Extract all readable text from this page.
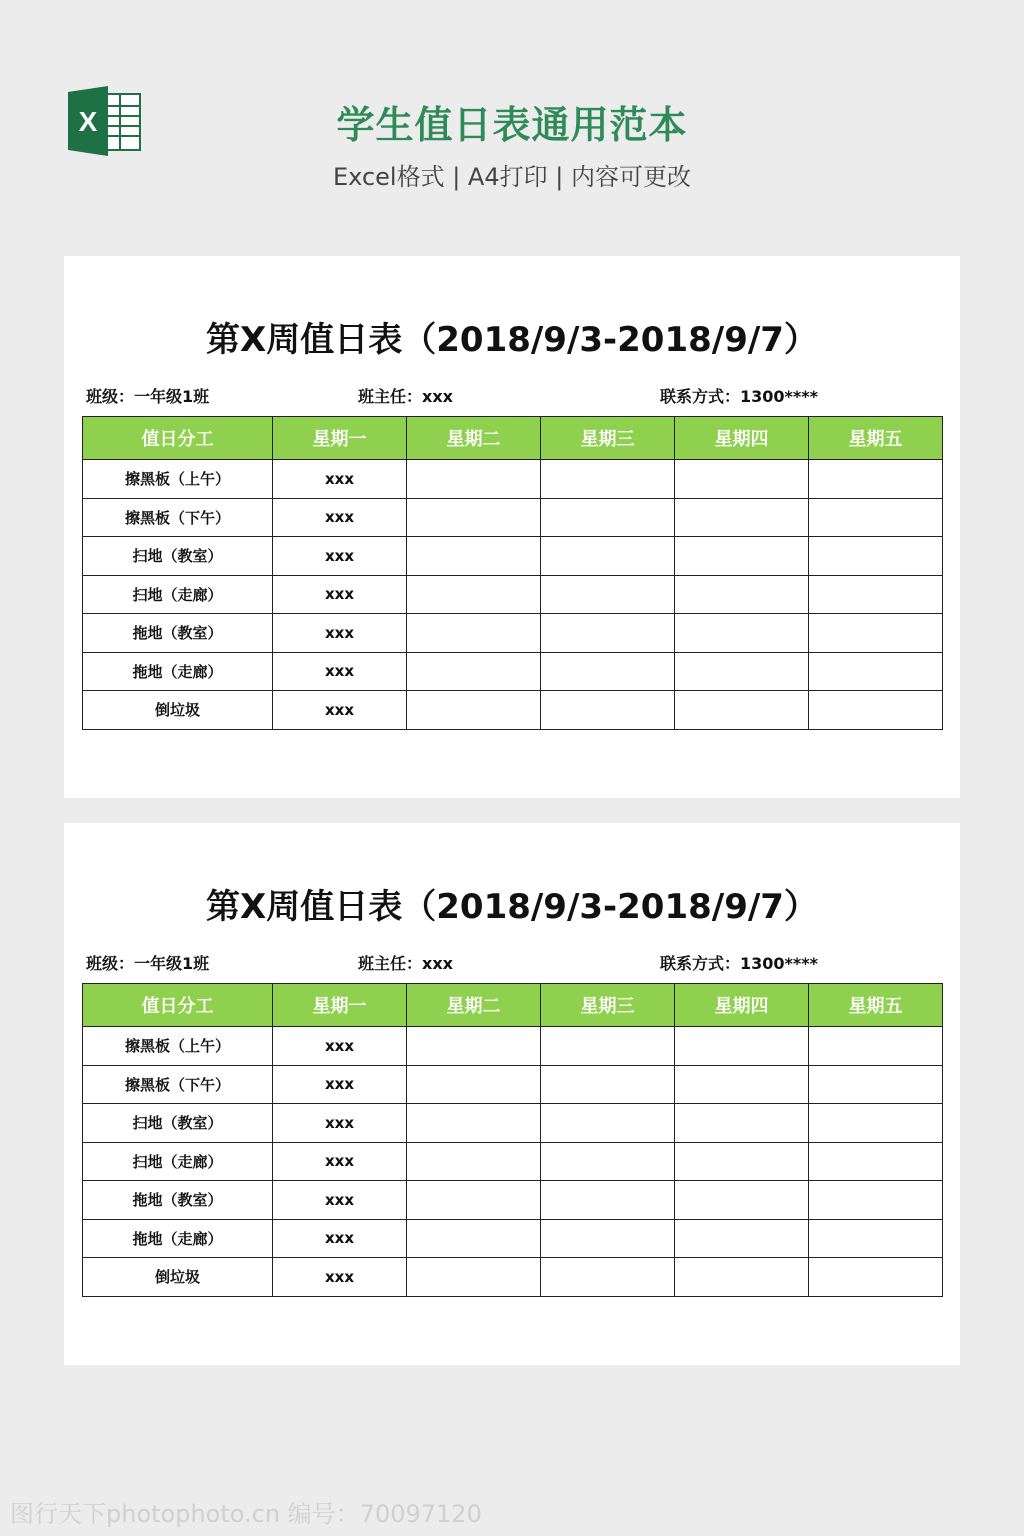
X	学生值日表通用范本
Excel格式 | A4打印 | 内容可更改
第X周值日表（2018/9/3-2018/9/7）
班级：一年级1班	班主任：xxx	联系方式：1300****
值日分工	星期一	星期二	星期三	星期四	星期五
擦黑板（上午）	xxx				
擦黑板（下午）	xxx				
扫地（教室）	xxx				
扫地（走廊）	xxx				
拖地（教室）	xxx				
拖地（走廊）	xxx				
倒垃圾	xxx				
第X周值日表（2018/9/3-2018/9/7）
班级：一年级1班	班主任：xxx	联系方式：1300****
值日分工	星期一	星期二	星期三	星期四	星期五
擦黑板（上午）	xxx				
擦黑板（下午）	xxx				
扫地（教室）	xxx				
扫地（走廊）	xxx				
拖地（教室）	xxx				
拖地（走廊）	xxx				
倒垃圾	xxx				
图行天下photophoto.cn 编号：70097120
